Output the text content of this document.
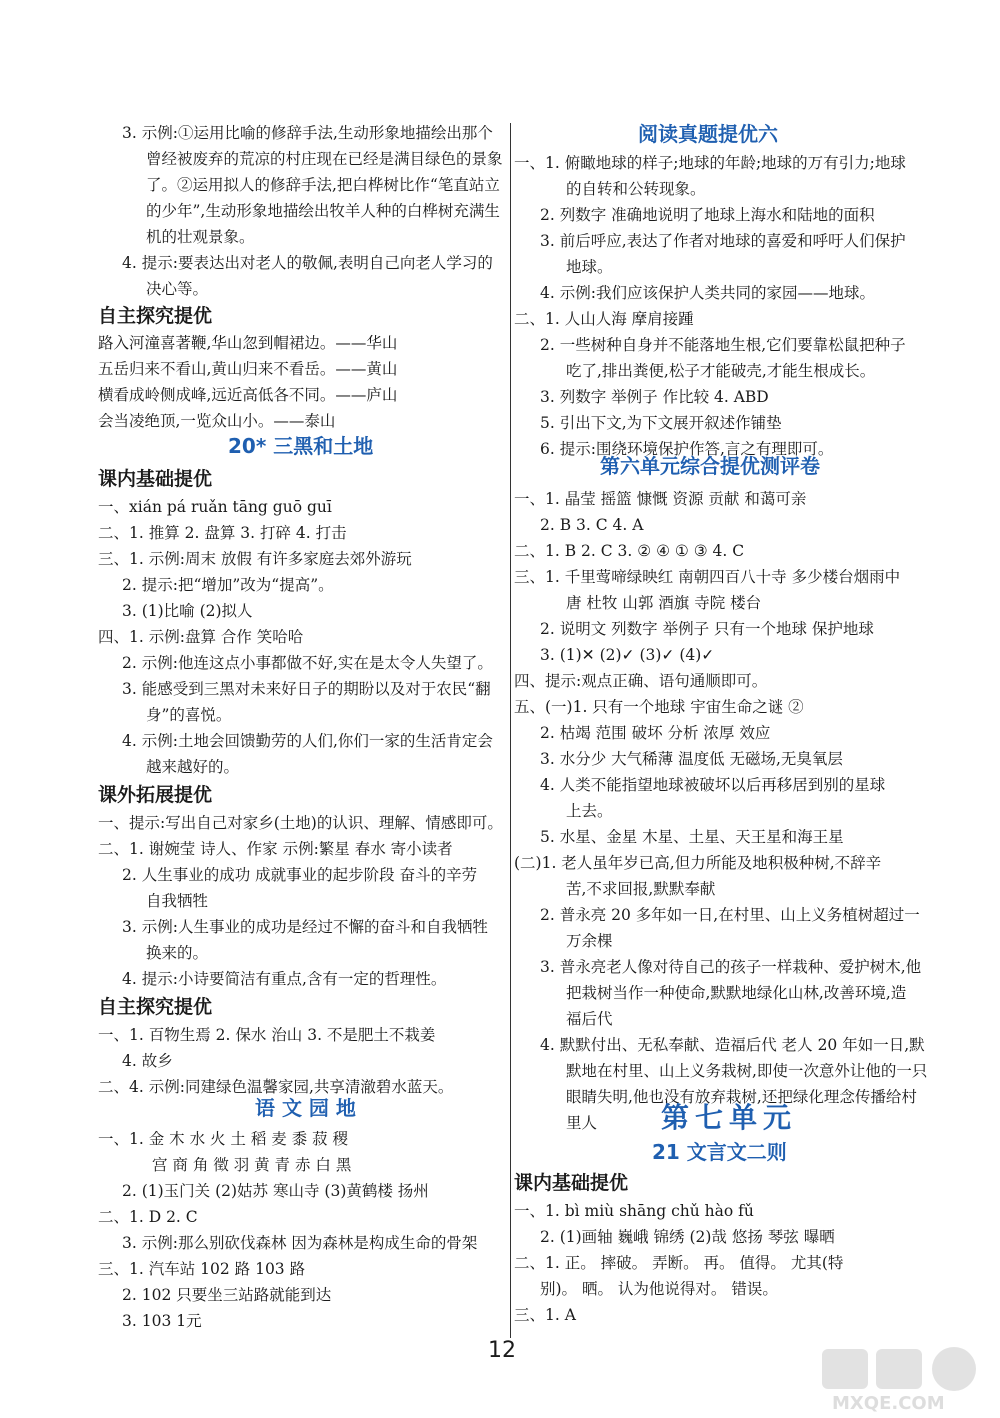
3. 示例:①运用比喻的修辞手法,生动形象地描绘出那个
曾经被废弃的荒凉的村庄现在已经是满目绿色的景象
了。②运用拟人的修辞手法,把白桦树比作“笔直站立
的少年”,生动形象地描绘出牧羊人种的白桦树充满生
机的壮观景象。
4. 提示:要表达出对老人的敬佩,表明自己向老人学习的
决心等。
自主探究提优
路入河潼喜著鞭,华山忽到帽裙边。——华山
五岳归来不看山,黄山归来不看岳。——黄山
横看成岭侧成峰,远近高低各不同。——庐山
会当凌绝顶,一览众山小。——泰山
20* 三黑和土地
课内基础提优
一、xián pá ruǎn tāng guō guī
二、1. 推算 2. 盘算 3. 打碎 4. 打击
三、1. 示例:周末 放假 有许多家庭去郊外游玩
2. 提示:把“增加”改为“提高”。
3. (1)比喻 (2)拟人
四、1. 示例:盘算 合作 笑哈哈
2. 示例:他连这点小事都做不好,实在是太令人失望了。
3. 能感受到三黑对未来好日子的期盼以及对于农民“翻
身”的喜悦。
4. 示例:土地会回馈勤劳的人们,你们一家的生活肯定会
越来越好的。
课外拓展提优
一、提示:写出自己对家乡(土地)的认识、理解、情感即可。
二、1. 谢婉莹 诗人、作家 示例:繁星 春水 寄小读者
2. 人生事业的成功 成就事业的起步阶段 奋斗的辛劳
自我牺牲
3. 示例:人生事业的成功是经过不懈的奋斗和自我牺牲
换来的。
4. 提示:小诗要简洁有重点,含有一定的哲理性。
自主探究提优
一、1. 百物生焉 2. 保水 治山 3. 不是肥土不栽姜
4. 故乡
二、4. 示例:同建绿色温馨家园,共享清澈碧水蓝天。
语 文 园 地
一、1. 金 木 水 火 土 稻 麦 黍 菽 稷
宫 商 角 徵 羽 黄 青 赤 白 黑
2. (1)玉门关 (2)姑苏 寒山寺 (3)黄鹤楼 扬州
二、1. D 2. C
3. 示例:那么别砍伐森林 因为森林是构成生命的骨架
三、1. 汽车站 102 路 103 路
2. 102 只要坐三站路就能到达
3. 103 1元
阅读真题提优六
一、1. 俯瞰地球的样子;地球的年龄;地球的万有引力;地球
的自转和公转现象。
2. 列数字 准确地说明了地球上海水和陆地的面积
3. 前后呼应,表达了作者对地球的喜爱和呼吁人们保护
地球。
4. 示例:我们应该保护人类共同的家园——地球。
二、1. 人山人海 摩肩接踵
2. 一些树种自身并不能落地生根,它们要靠松鼠把种子
吃了,排出粪便,松子才能破壳,才能生根成长。
3. 列数字 举例子 作比较 4. ABD
5. 引出下文,为下文展开叙述作铺垫
6. 提示:围绕环境保护作答,言之有理即可。
第六单元综合提优测评卷
一、1. 晶莹 摇篮 慷慨 资源 贡献 和蔼可亲
2. B 3. C 4. A
二、1. B 2. C 3. ② ④ ① ③ 4. C
三、1. 千里莺啼绿映红 南朝四百八十寺 多少楼台烟雨中
唐 杜牧 山郭 酒旗 寺院 楼台
2. 说明文 列数字 举例子 只有一个地球 保护地球
3. (1)✕ (2)✓ (3)✓ (4)✓
四、提示:观点正确、语句通顺即可。
五、(一)1. 只有一个地球 宇宙生命之谜 ②
2. 枯竭 范围 破坏 分析 浓厚 效应
3. 水分少 大气稀薄 温度低 无磁场,无臭氧层
4. 人类不能指望地球被破坏以后再移居到别的星球
上去。
5. 水星、金星 木星、土星、天王星和海王星
(二)1. 老人虽年岁已高,但力所能及地积极种树,不辞辛
苦,不求回报,默默奉献
2. 普永亮 20 多年如一日,在村里、山上义务植树超过一
万余棵
3. 普永亮老人像对待自己的孩子一样栽种、爱护树木,他
把栽树当作一种使命,默默地绿化山林,改善环境,造
福后代
4. 默默付出、无私奉献、造福后代 老人 20 年如一日,默
默地在村里、山上义务栽树,即使一次意外让他的一只
眼睛失明,他也没有放弃栽树,还把绿化理念传播给村
里人 第七单元
21 文言文二则
课内基础提优
一、1. bì miù shāng chǔ hào fǔ
2. (1)画轴 巍峨 锦绣 (2)哉 悠扬 琴弦 曝晒
二、1. 正。 摔破。 弄断。 再。 值得。 尤其(特
别)。 晒。 认为他说得对。 错误。
三、1. A
12
MXQE.COM
